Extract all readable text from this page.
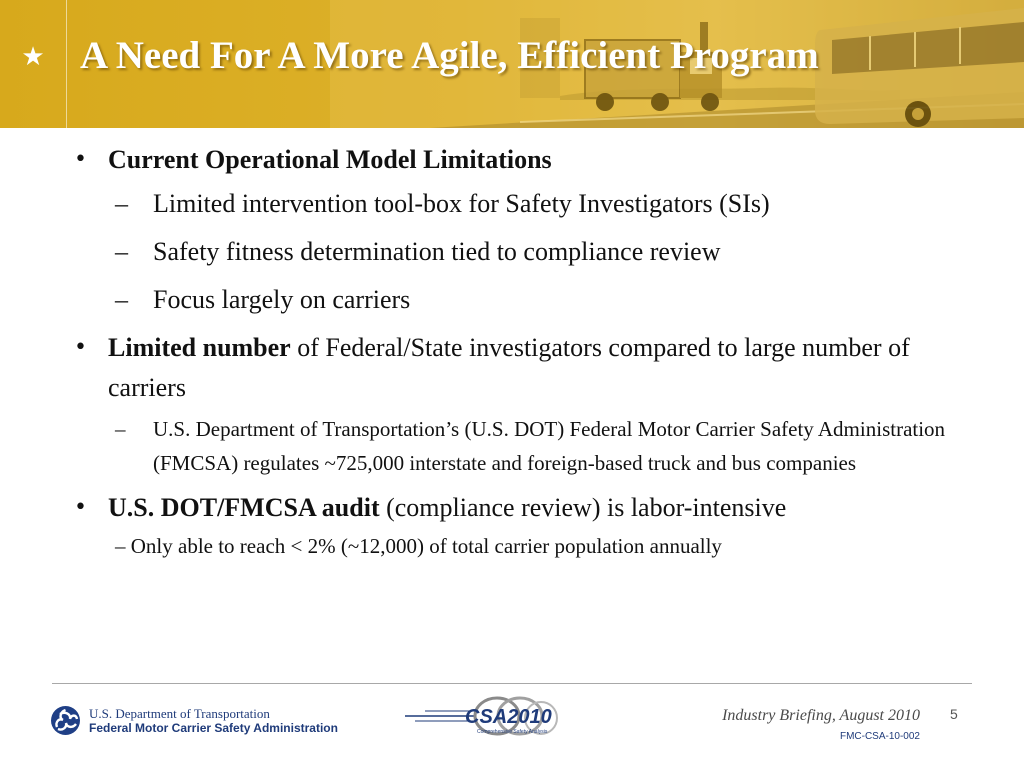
★ A Need For A More Agile, Efficient Program
• Current Operational Model Limitations
– Limited intervention tool-box for Safety Investigators (SIs)
– Safety fitness determination tied to compliance review
– Focus largely on carriers
• Limited number of Federal/State investigators compared to large number of carriers
– U.S. Department of Transportation’s (U.S. DOT) Federal Motor Carrier Safety Administration (FMCSA) regulates ~725,000 interstate and foreign-based truck and bus companies
• U.S. DOT/FMCSA audit (compliance review) is labor-intensive
– Only able to reach < 2% (~12,000) of total carrier population annually
U.S. Department of Transportation
Federal Motor Carrier Safety Administration	CSA2010
Comprehensive Safety Analysis
Industry Briefing, August 2010 5
FMC-CSA-10-002
